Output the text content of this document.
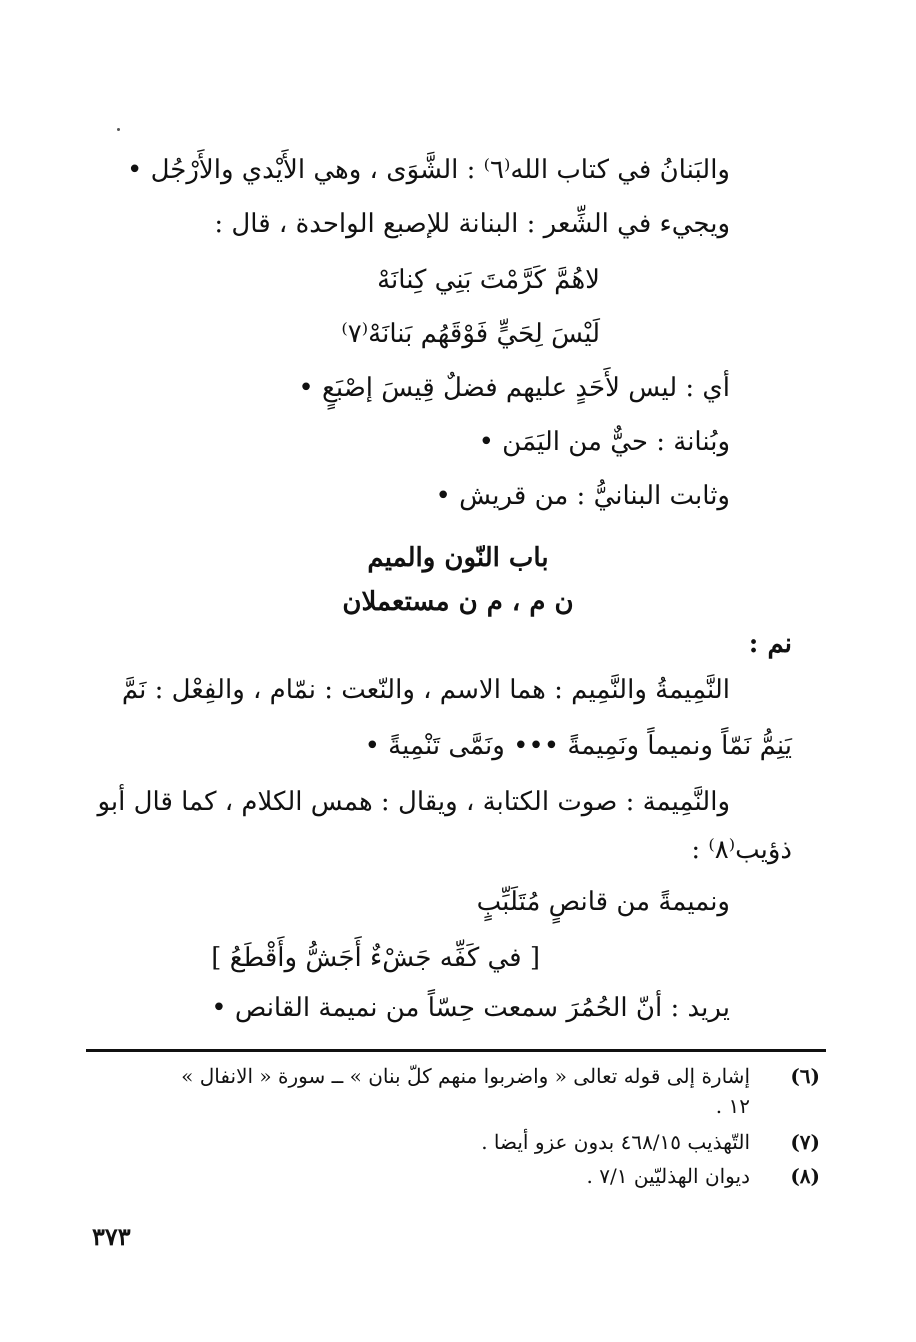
والبَنانُ في كتاب الله⁽٦⁾ : الشَّوَى ، وهي الأَيْدي والأَرْجُل •
ويجيء في الشِّعر : البنانة للإصبع الواحدة ، قال :
لاهُمَّ كَرَّمْتَ بَنِي كِنانَهْ
لَيْسَ لِحَيٍّ فَوْقَهُم بَنانَهْ⁽٧⁾
أي : ليس لأَحَدٍ عليهم فضلٌ قِيسَ إصْبَعٍ •
وبُنانة : حيٌّ من اليَمَن •
وثابت البنانيُّ : من قريش •
باب النّون والميم
ن م ، م ن مستعملان
نم :
النَّمِيمةُ والنَّمِيم : هما الاسم ، والنّعت : نمّام ، والفِعْل : نَمَّ
يَنِمُّ نَمّاً ونميماً ونَمِيمةً ••• ونَمَّى تَنْمِيةً •
والنَّمِيمة : صوت الكتابة ، ويقال : همس الكلام ، كما قال أبو
ذؤيب⁽٨⁾ :
ونميمةً من قانصٍ مُتَلَبِّبٍ
[ في كَفِّه جَشْءٌ أَجَشُّ وأَقْطَعُ ]
يريد : أنّ الحُمُرَ سمعت حِسّاً من نميمة القانص •
(٦)
إشارة إلى قوله تعالى « واضربوا منهم كلّ بنان » ــ سورة « الانفال »
١٢ .
(٧)
التّهذيب ٤٦٨/١٥ بدون عزو أيضا .
(٨)
ديوان الهذليّين ٧/١ .
٣٧٣
